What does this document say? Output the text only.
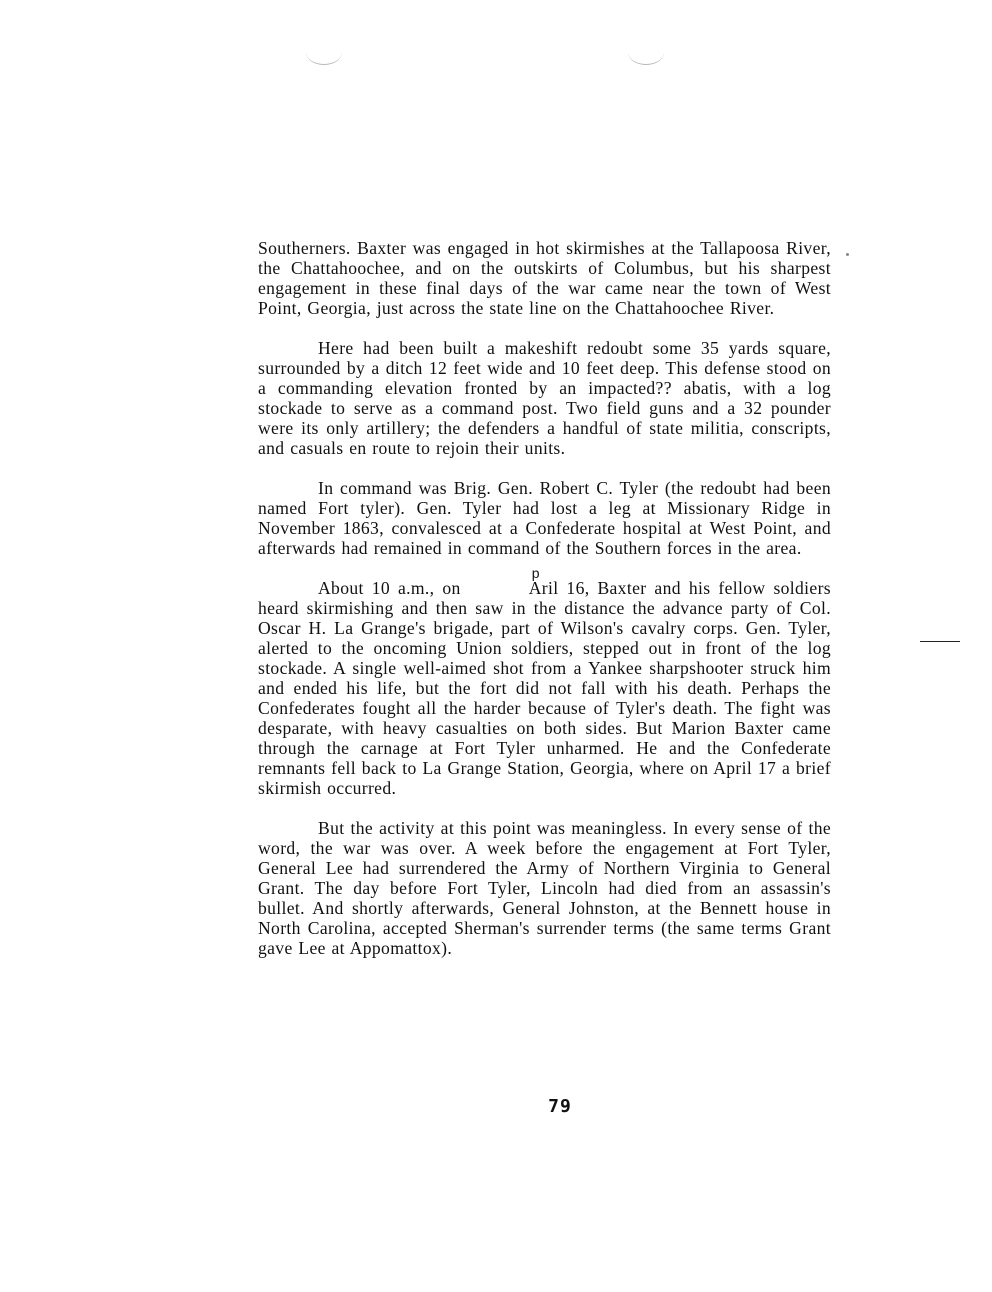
Southerners. Baxter was engaged in hot skirmishes at the Tallapoosa River, the Chattahoochee, and on the outskirts of Columbus, but his sharpest engagement in these final days of the war came near the town of West Point, Georgia, just across the state line on the Chattahoochee River.

Here had been built a makeshift redoubt some 35 yards square, surrounded by a ditch 12 feet wide and 10 feet deep. This defense stood on a commanding elevation fronted by an impacted?? abatis, with a log stockade to serve as a command post. Two field guns and a 32 pounder were its only artillery; the defenders a handful of state militia, conscripts, and casuals en route to rejoin their units.

In command was Brig. Gen. Robert C. Tyler (the redoubt had been named Fort tyler). Gen. Tyler had lost a leg at Missionary Ridge in November 1863, convalesced at a Confederate hospital at West Point, and afterwards had remained in command of the Southern forces in the area.

About 10 a.m., on
p
Aril 16, Baxter and his fellow soldiers heard skirmishing and then saw in the distance the advance party of Col. Oscar H. La Grange's brigade, part of Wilson's cavalry corps. Gen. Tyler, alerted to the oncoming Union soldiers, stepped out in front of the log stockade. A single well-aimed shot from a Yankee sharpshooter struck him and ended his life, but the fort did not fall with his death. Perhaps the Confederates fought all the harder because of Tyler's death. The fight was desparate, with heavy casualties on both sides. But Marion Baxter came through the carnage at Fort Tyler unharmed. He and the Confederate remnants fell back to La Grange Station, Georgia, where on April 17 a brief skirmish occurred.

But the activity at this point was meaningless. In every sense of the word, the war was over. A week before the engagement at Fort Tyler, General Lee had surrendered the Army of Northern Virginia to General Grant. The day before Fort Tyler, Lincoln had died from an assassin's bullet. And shortly afterwards, General Johnston, at the Bennett house in North Carolina, accepted Sherman's surrender terms (the same terms Grant gave Lee at Appomattox).

79
